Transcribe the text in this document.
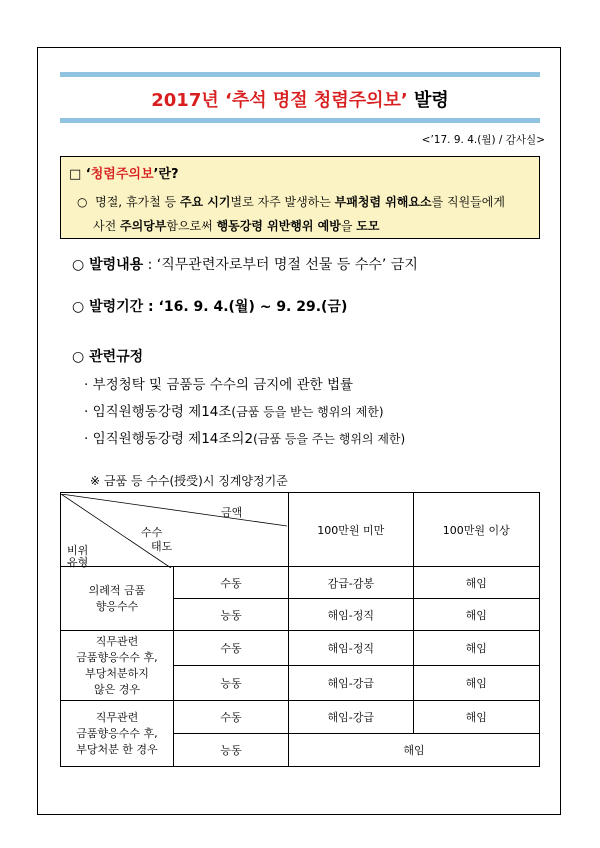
2017년 ‘추석 명절 청렴주의보’ 발령
<’17. 9. 4.(월) / 감사실>
□ ‘청렴주의보’란?
○ 명절, 휴가철 등 주요 시기별로 자주 발생하는 부패청렴 위해요소를 직원들에게
사전 주의당부함으로써 행동강령 위반행위 예방을 도모
○ 발령내용 : ‘직무관련자로부터 명절 선물 등 수수’ 금지
○ 발령기간 : ‘16. 9. 4.(월) ~ 9. 29.(금)
○ 관련규정
· 부정청탁 및 금품등 수수의 금지에 관한 법률
· 임직원행동강령 제14조(금품 등을 받는 행위의 제한)
· 임직원행동강령 제14조의2(금품 등을 주는 행위의 제한)
※ 금품 등 수수(授受)시 징계양정기준
금액
수수
태도
비위
유형		100만원 미만	100만원 이상

의례적 금품
향응수수	수동	감급-감봉	해임
	능동	해임-정직	해임

직무관련
금품향응수수 후,
부당처분하지
않은 경우	수동	해임-정직	해임
	능동	해임-강급	해임

직무관련
금품향응수수 후,
부당처분 한 경우	수동	해임-강급	해임
	능동	해임	
